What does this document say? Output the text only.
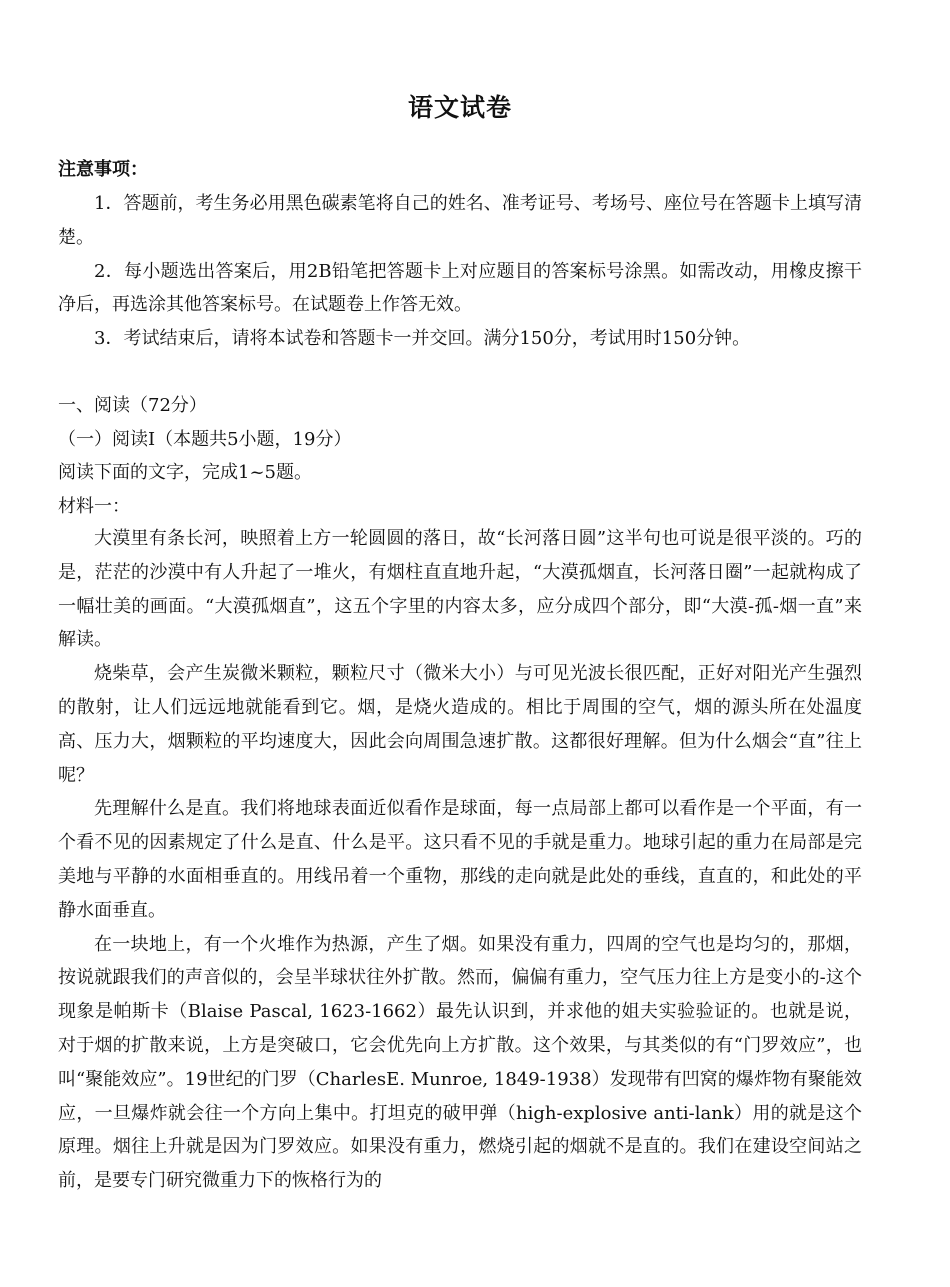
语文试卷
注意事项：

1．答题前，考生务必用黑色碳素笔将自己的姓名、准考证号、考场号、座位号在答题卡上填写清楚。

2．每小题选出答案后，用2B铅笔把答题卡上对应题目的答案标号涂黑。如需改动，用橡皮擦干净后，再选涂其他答案标号。在试题卷上作答无效。

3．考试结束后，请将本试卷和答题卡一并交回。满分150分，考试用时150分钟。

一、阅读（72分）

（一）阅读I（本题共5小题，19分）

阅读下面的文字，完成1~5题。

材料一：

大漠里有条长河，映照着上方一轮圆圆的落日，故“长河落日圆”这半句也可说是很平淡的。巧的是，茫茫的沙漠中有人升起了一堆火，有烟柱直直地升起，“大漠孤烟直，长河落日圈”一起就构成了一幅壮美的画面。“大漠孤烟直”，这五个字里的内容太多，应分成四个部分，即“大漠-孤-烟一直”来解读。

烧柴草，会产生炭微米颗粒，颗粒尺寸（微米大小）与可见光波长很匹配，正好对阳光产生强烈的散射，让人们远远地就能看到它。烟，是烧火造成的。相比于周围的空气，烟的源头所在处温度高、压力大，烟颗粒的平均速度大，因此会向周围急速扩散。这都很好理解。但为什么烟会“直”往上呢？

先理解什么是直。我们将地球表面近似看作是球面，每一点局部上都可以看作是一个平面，有一个看不见的因素规定了什么是直、什么是平。这只看不见的手就是重力。地球引起的重力在局部是完美地与平静的水面相垂直的。用线吊着一个重物，那线的走向就是此处的垂线，直直的，和此处的平静水面垂直。

在一块地上，有一个火堆作为热源，产生了烟。如果没有重力，四周的空气也是均匀的，那烟，按说就跟我们的声音似的，会呈半球状往外扩散。然而，偏偏有重力，空气压力往上方是变小的-这个现象是帕斯卡（Blaise Pascal, 1623-1662）最先认识到，并求他的姐夫实验验证的。也就是说，对于烟的扩散来说，上方是突破口，它会优先向上方扩散。这个效果，与其类似的有“门罗效应”，也叫“聚能效应”。19世纪的门罗（CharlesE. Munroe, 1849-1938）发现带有凹窝的爆炸物有聚能效应，一旦爆炸就会往一个方向上集中。打坦克的破甲弹（high-explosive anti-lank）用的就是这个原理。烟往上升就是因为门罗效应。如果没有重力，燃烧引起的烟就不是直的。我们在建设空间站之前，是要专门研究微重力下的恢格行为的
